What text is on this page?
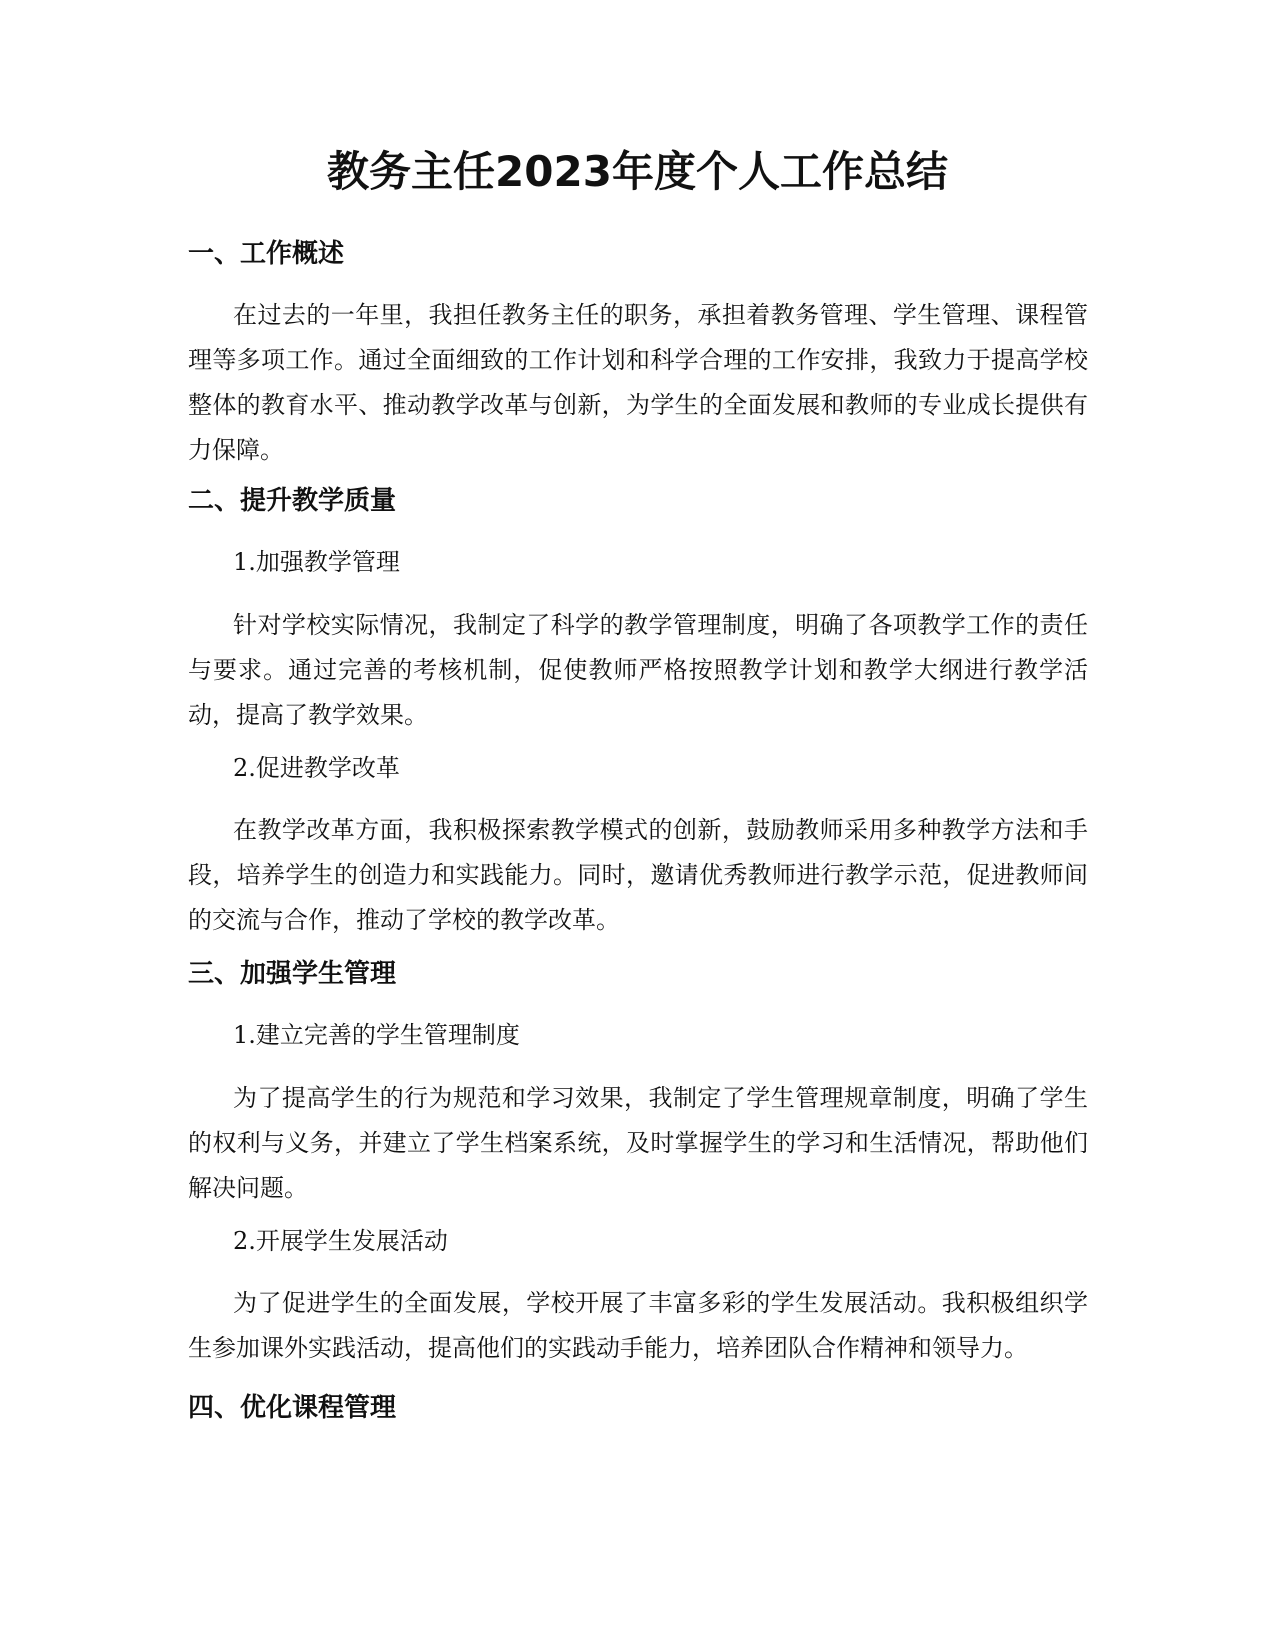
教务主任2023年度个人工作总结
一、工作概述
在过去的一年里，我担任教务主任的职务，承担着教务管理、学生管理、课程管理等多项工作。通过全面细致的工作计划和科学合理的工作安排，我致力于提高学校整体的教育水平、推动教学改革与创新，为学生的全面发展和教师的专业成长提供有力保障。
二、提升教学质量
1.加强教学管理
针对学校实际情况，我制定了科学的教学管理制度，明确了各项教学工作的责任与要求。通过完善的考核机制，促使教师严格按照教学计划和教学大纲进行教学活动，提高了教学效果。
2.促进教学改革
在教学改革方面，我积极探索教学模式的创新，鼓励教师采用多种教学方法和手段，培养学生的创造力和实践能力。同时，邀请优秀教师进行教学示范，促进教师间的交流与合作，推动了学校的教学改革。
三、加强学生管理
1.建立完善的学生管理制度
为了提高学生的行为规范和学习效果，我制定了学生管理规章制度，明确了学生的权利与义务，并建立了学生档案系统，及时掌握学生的学习和生活情况，帮助他们解决问题。
2.开展学生发展活动
为了促进学生的全面发展，学校开展了丰富多彩的学生发展活动。我积极组织学生参加课外实践活动，提高他们的实践动手能力，培养团队合作精神和领导力。
四、优化课程管理
